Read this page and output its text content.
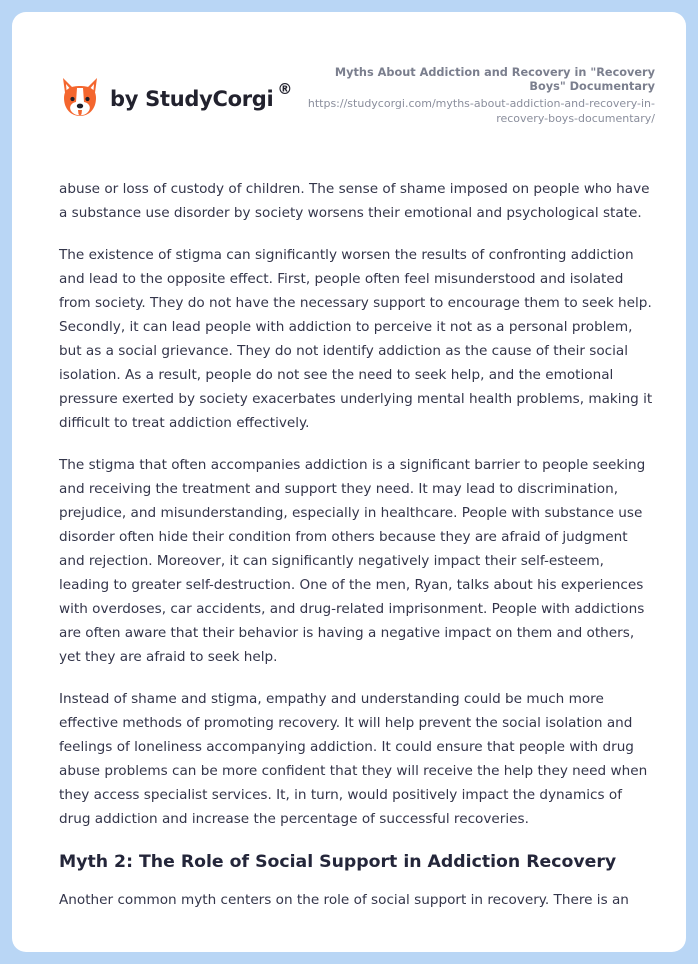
by StudyCorgi ®
Myths About Addiction and Recovery in "Recovery Boys" Documentary
https://studycorgi.com/myths-about-addiction-and-recovery-in-recovery-boys-documentary/

abuse or loss of custody of children. The sense of shame imposed on people who have a substance use disorder by society worsens their emotional and psychological state.

The existence of stigma can significantly worsen the results of confronting addiction and lead to the opposite effect. First, people often feel misunderstood and isolated from society. They do not have the necessary support to encourage them to seek help. Secondly, it can lead people with addiction to perceive it not as a personal problem, but as a social grievance. They do not identify addiction as the cause of their social isolation. As a result, people do not see the need to seek help, and the emotional pressure exerted by society exacerbates underlying mental health problems, making it difficult to treat addiction effectively.

The stigma that often accompanies addiction is a significant barrier to people seeking and receiving the treatment and support they need. It may lead to discrimination, prejudice, and misunderstanding, especially in healthcare. People with substance use disorder often hide their condition from others because they are afraid of judgment and rejection. Moreover, it can significantly negatively impact their self-esteem, leading to greater self-destruction. One of the men, Ryan, talks about his experiences with overdoses, car accidents, and drug-related imprisonment. People with addictions are often aware that their behavior is having a negative impact on them and others, yet they are afraid to seek help.

Instead of shame and stigma, empathy and understanding could be much more effective methods of promoting recovery. It will help prevent the social isolation and feelings of loneliness accompanying addiction. It could ensure that people with drug abuse problems can be more confident that they will receive the help they need when they access specialist services. It, in turn, would positively impact the dynamics of drug addiction and increase the percentage of successful recoveries.

Myth 2: The Role of Social Support in Addiction Recovery

Another common myth centers on the role of social support in recovery. There is an
